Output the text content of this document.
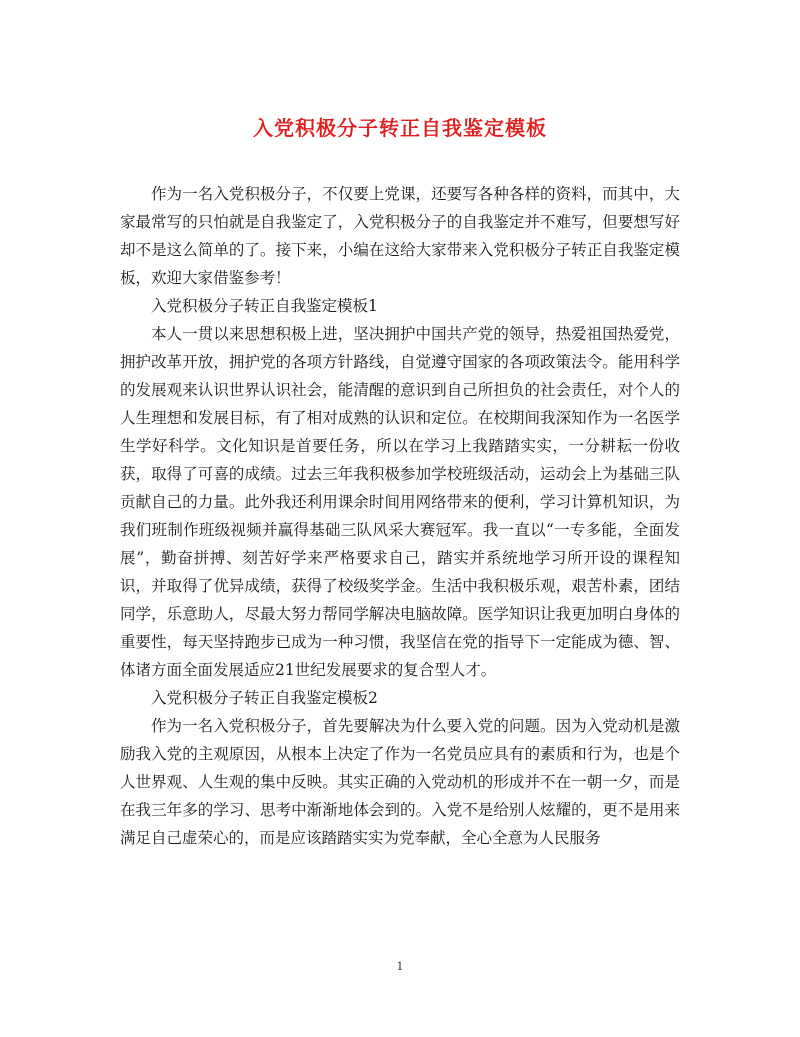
入党积极分子转正自我鉴定模板

作为一名入党积极分子，不仅要上党课，还要写各种各样的资料，而其中，大家最常写的只怕就是自我鉴定了，入党积极分子的自我鉴定并不难写，但要想写好却不是这么简单的了。接下来，小编在这给大家带来入党积极分子转正自我鉴定模板，欢迎大家借鉴参考！

入党积极分子转正自我鉴定模板1

本人一贯以来思想积极上进，坚决拥护中国共产党的领导，热爱祖国热爱党，拥护改革开放，拥护党的各项方针路线，自觉遵守国家的各项政策法令。能用科学的发展观来认识世界认识社会，能清醒的意识到自己所担负的社会责任，对个人的人生理想和发展目标，有了相对成熟的认识和定位。在校期间我深知作为一名医学生学好科学。文化知识是首要任务，所以在学习上我踏踏实实，一分耕耘一份收获，取得了可喜的成绩。过去三年我积极参加学校班级活动，运动会上为基础三队贡献自己的力量。此外我还利用课余时间用网络带来的便利，学习计算机知识，为我们班制作班级视频并赢得基础三队风采大赛冠军。我一直以“一专多能，全面发展”，勤奋拼搏、刻苦好学来严格要求自己，踏实并系统地学习所开设的课程知识，并取得了优异成绩，获得了校级奖学金。生活中我积极乐观，艰苦朴素，团结同学，乐意助人，尽最大努力帮同学解决电脑故障。医学知识让我更加明白身体的重要性，每天坚持跑步已成为一种习惯，我坚信在党的指导下一定能成为德、智、体诸方面全面发展适应21世纪发展要求的复合型人才。

入党积极分子转正自我鉴定模板2

作为一名入党积极分子，首先要解决为什么要入党的问题。因为入党动机是激励我入党的主观原因，从根本上决定了作为一名党员应具有的素质和行为，也是个人世界观、人生观的集中反映。其实正确的入党动机的形成并不在一朝一夕，而是在我三年多的学习、思考中渐渐地体会到的。入党不是给别人炫耀的，更不是用来满足自己虚荣心的，而是应该踏踏实实为党奉献，全心全意为人民服务

1
